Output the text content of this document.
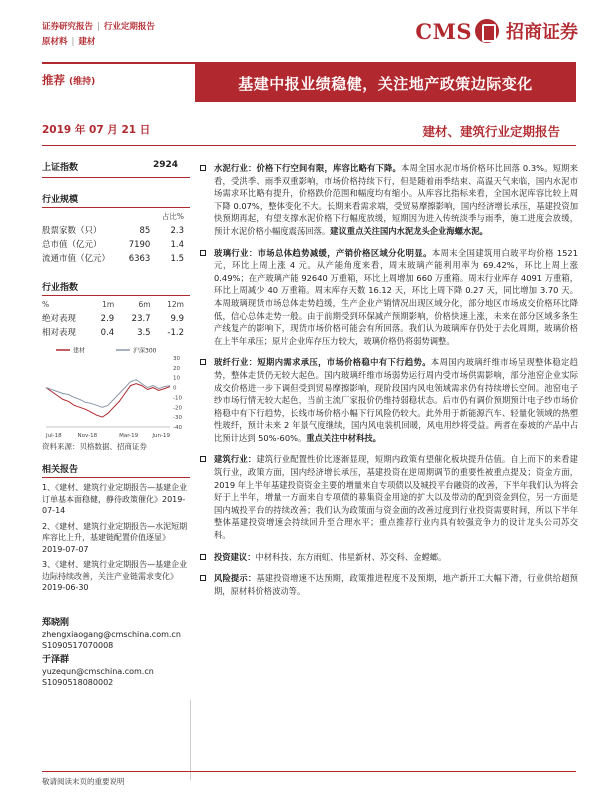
证券研究报告 | 行业定期报告
原材料 | 建材	CMS 招商证券
推荐 (维持)	基建中报业绩稳健，关注地产政策边际变化
2019 年 07 月 21 日	建材、建筑行业定期报告
上证指数	2924
行业规模
		占比%
股票家数（只）	85	2.3
总市值（亿元）	7190	1.4
流通市值（亿元）	6363	1.5
行业指数
%	1m	6m	12m
绝对表现	2.9	23.7	9.9
相对表现	0.4	3.5	-1.2
建材	沪深300
30
20
10
0
-10
-20
-30
-40
Jul-18	Nov-18	Mar-19	Jun-19
资料来源：贝格数据、招商证券
相关报告
1、《建材、建筑行业定期报告—基建企业订单基本面稳健，静待政策催化》2019-07-14
2、《建材、建筑行业定期报告—水泥短期库容比上升，基建链配置价值逐显》2019-07-07
3、《建材、建筑行业定期报告—基建企业边际持续改善，关注产业链需求变化》2019-06-30
郑晓刚
zhengxiaogang@cmschina.com.cn
S1090517070008
于泽群
yuzequn@cmschina.com.cn
S1090518080002
水泥行业：价格下行空间有限，库容比略有下降。本周全国水泥市场价格环比回落 0.3%。短期来看，受洪季、雨季双重影响，市场价格持续下行，但是随着雨季结束、高温天气来临，国内水泥市场需求环比略有提升，价格跌价范围和幅度均有缩小。从库容比指标来看，全国水泥库容比较上周下降 0.07%，整体变化不大。长期来看需求端，受贸易摩擦影响，国内经济增长承压，基建投资加快预期再起，有望支撑水泥价格下行幅度放缓，短期因为进入传统淡季与雨季，施工进度会放缓，预计水泥价格小幅度震荡回落。建议重点关注国内水泥龙头企业海螺水泥。
玻璃行业：市场总体趋势减缓，产销价格区域分化明显。本周末全国建筑用白玻平均价格 1521 元，环比上周上涨 4 元。从产能角度来看，周末玻璃产能利用率为 69.42%，环比上周上涨 0.49%；在产玻璃产能 92640 万重箱，环比上周增加 660 万重箱。周末行业库存 4091 万重箱，环比上周减少 40 万重箱。周末库存天数 16.12 天，环比上周下降 0.27 天，同比增加 3.70 天。本周玻璃现货市场总体走势趋缓，生产企业产销情况出现区域分化，部分地区市场成交价格环比降低，信心总体走势一般。由于前期受到环保减产预期影响，价格快速上涨，未来在部分区域多条生产线复产的影响下，现货市场价格可能会有所回落。我们认为玻璃库存仍处于去化周期，玻璃价格在上半年承压；原片企业库存压力较大，玻璃价格仍将弱势调整。
玻纤行业：短期内需求承压，市场价格稳中有下行趋势。本周国内玻璃纤维市场呈现整体稳定趋势，整体走货仍无较大起色。国内玻璃纤维市场弱势运行周内受市场供需影响，部分池窑企业实际成交价格进一步下调但受到贸易摩擦影响，现阶段国内风电领域需求仍有持续增长空间。池窑电子纱市场行情无较大起色，当前主流厂家报价仍维持弱稳状态。后市仍有调价预期预计电子纱市场价格稳中有下行趋势，长线市场价格小幅下行风险仍较大。此外用于新能源汽车、轻量化领域的热塑性玻纤，预计未来 2 年景气度继续，国内风电装机回暖，风电用纱将受益。两者在泰坡的产品中占比预计达到 50%-60%。重点关注中材科技。
建筑行业：建筑行业配置性价比逐渐显现，短期内政策有望催化板块提升估值。自上而下的来看建筑行业，政策方面，国内经济增长承压，基建投资在逆周期调节的重要性被重点提及；资金方面，2019 年上半年基建投资资金主要的增量来自专项债以及城投平台融资的改善，下半年我们认为将会好于上半年，增量一方面来自专项债的募集资金用途的扩大以及带动的配到资金到位，另一方面是国内城投平台的持续改善；我们认为政策面与资金面的改善过度到行业投资需要时间，所以下半年整体基建投资增速会持续回升至合理水平；重点推荐行业内具有较强竞争力的设计龙头公司苏交科。
投资建议：中材科技、东方雨虹、伟星新材、苏交科、金螳螂。
风险提示：基建投资增速不达预期，政策推进程度不及预期，地产新开工大幅下滑，行业供给超预期，原材料价格波动等。
敬请阅读末页的重要说明
